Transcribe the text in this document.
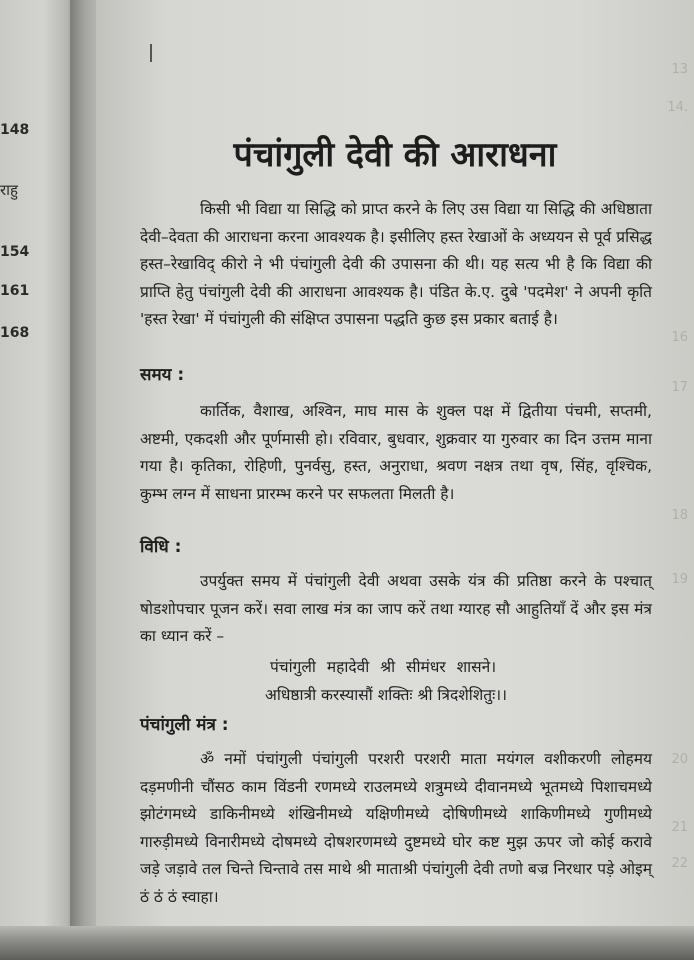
148
राहु
154
161
168
13
14.
16
17
18
19
20
21
22
पंचांगुली देवी की आराधना
किसी भी विद्या या सिद्धि को प्राप्त करने के लिए उस विद्या या सिद्धि की अधिष्ठाता देवी–देवता की आराधना करना आवश्यक है। इसीलिए हस्त रेखाओं के अध्ययन से पूर्व प्रसिद्ध हस्त–रेखाविद् कीरो ने भी पंचांगुली देवी की उपासना की थी। यह सत्य भी है कि विद्या की प्राप्ति हेतु पंचांगुली देवी की आराधना आवश्यक है। पंडित के.ए. दुबे 'पदमेश' ने अपनी कृति 'हस्त रेखा' में पंचांगुली की संक्षिप्त उपासना पद्धति कुछ इस प्रकार बताई है।
समय :
कार्तिक, वैशाख, अश्विन, माघ मास के शुक्ल पक्ष में द्वितीया पंचमी, सप्तमी, अष्टमी, एकदशी और पूर्णमासी हो। रविवार, बुधवार, शुक्रवार या गुरुवार का दिन उत्तम माना गया है। कृतिका, रोहिणी, पुनर्वसु, हस्त, अनुराधा, श्रवण नक्षत्र तथा वृष, सिंह, वृश्चिक, कुम्भ लग्न में साधना प्रारम्भ करने पर सफलता मिलती है।
विधि :
उपर्युक्त समय में पंचांगुली देवी अथवा उसके यंत्र की प्रतिष्ठा करने के पश्चात् षोडशोपचार पूजन करें। सवा लाख मंत्र का जाप करें तथा ग्यारह सौ आहुतियाँ दें और इस मंत्र का ध्यान करें –
पंचांगुली महादेवी श्री सीमंधर शासने।
अधिष्ठात्री करस्यासौं शक्तिः श्री त्रिदशेशितुः।।
पंचांगुली मंत्र :
ॐ नमों पंचांगुली पंचांगुली परशरी परशरी माता मयंगल वशीकरणी लोहमय दड़मणीनी चौंसठ काम विंडनी रणमध्ये राउलमध्ये शत्रुमध्ये दीवानमध्ये भूतमध्ये पिशाचमध्ये झोटंगमध्ये डाकिनीमध्ये शंखिनीमध्ये यक्षिणीमध्ये दोषिणीमध्ये शाकिणीमध्ये गुणीमध्ये गारुड़ीमध्ये विनारीमध्ये दोषमध्ये दोषशरणमध्ये दुष्टमध्ये घोर कष्ट मुझ ऊपर जो कोई करावे जड़े जड़ावे तल चिन्ते चिन्तावे तस माथे श्री माताश्री पंचांगुली देवी तणो बज्र निरधार पड़े ओइम् ठं ठं ठं स्वाहा।
